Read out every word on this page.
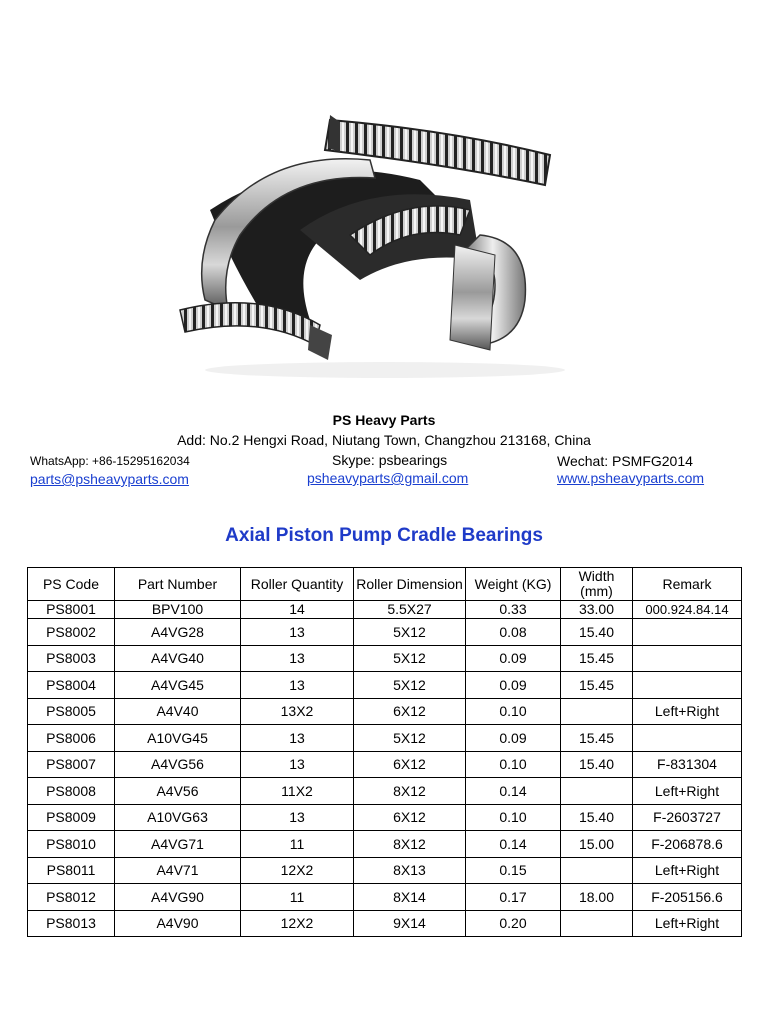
PS Heavy Parts
Add: No.2 Hengxi Road, Niutang Town, Changzhou 213168, China
WhatsApp: +86-15295162034	Skype: psbearings	Wechat: PSMFG2014
parts@psheavyparts.com	psheavyparts@gmail.com	www.psheavyparts.com
Axial Piston Pump Cradle Bearings
PS Code	Part Number	Roller Quantity	Roller Dimension	Weight (KG)	Width (mm)	Remark
PS8001	BPV100	14	5.5X27	0.33	33.00	000.924.84.14
PS8002	A4VG28	13	5X12	0.08	15.40	
PS8003	A4VG40	13	5X12	0.09	15.45	
PS8004	A4VG45	13	5X12	0.09	15.45	
PS8005	A4V40	13X2	6X12	0.10		Left+Right
PS8006	A10VG45	13	5X12	0.09	15.45	
PS8007	A4VG56	13	6X12	0.10	15.40	F-831304
PS8008	A4V56	11X2	8X12	0.14		Left+Right
PS8009	A10VG63	13	6X12	0.10	15.40	F-2603727
PS8010	A4VG71	11	8X12	0.14	15.00	F-206878.6
PS8011	A4V71	12X2	8X13	0.15		Left+Right
PS8012	A4VG90	11	8X14	0.17	18.00	F-205156.6
PS8013	A4V90	12X2	9X14	0.20		Left+Right
